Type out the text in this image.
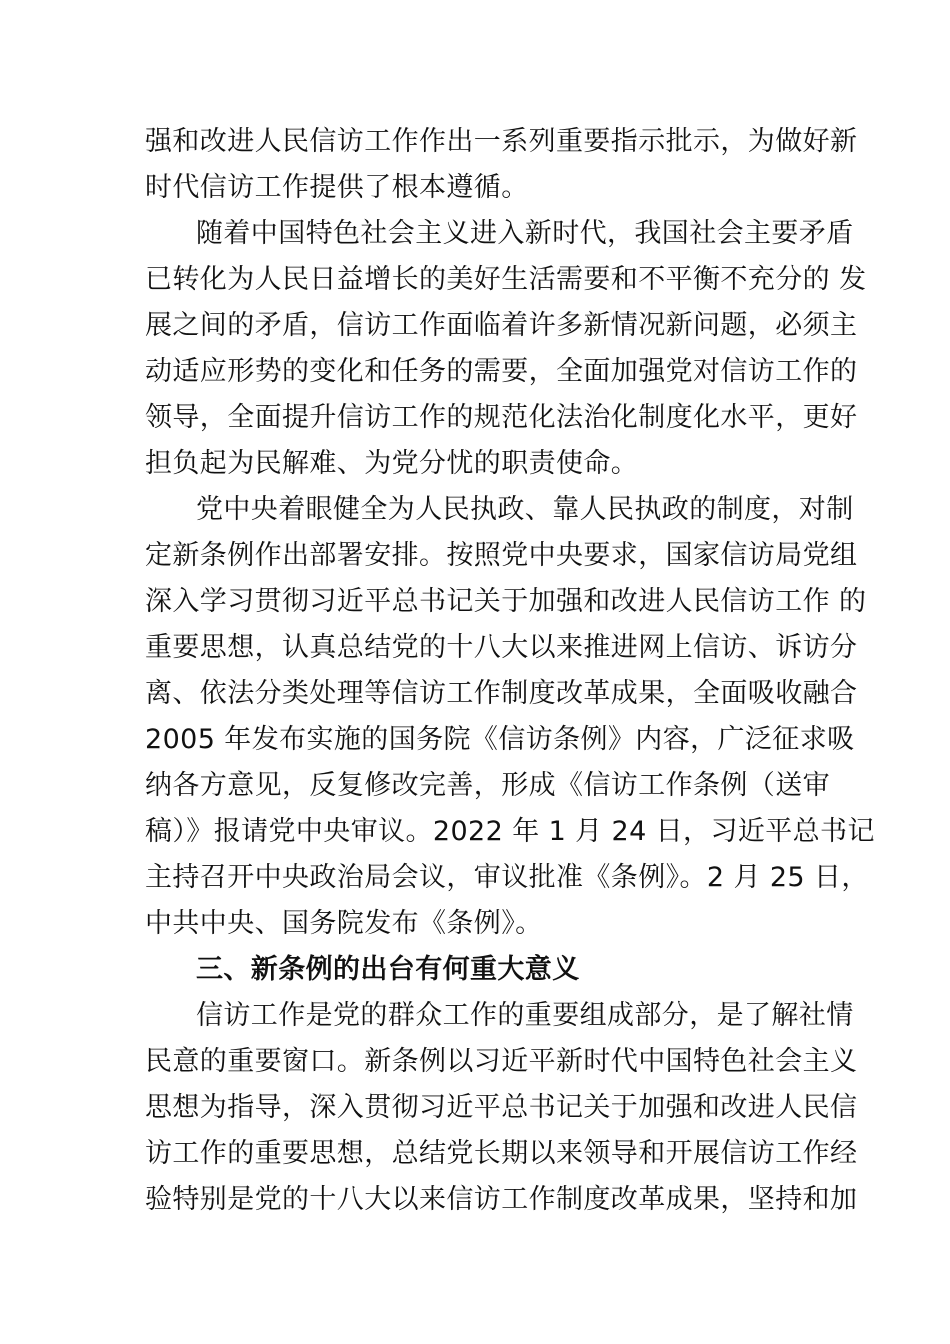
强和改进人民信访工作作出一系列重要指示批示，为做好新
时代信访工作提供了根本遵循。
随着中国特色社会主义进入新时代，我国社会主要矛盾
已转化为人民日益增长的美好生活需要和不平衡不充分的 发
展之间的矛盾，信访工作面临着许多新情况新问题，必须主
动适应形势的变化和任务的需要，全面加强党对信访工作的
领导，全面提升信访工作的规范化法治化制度化水平，更好
担负起为民解难、为党分忧的职责使命。
党中央着眼健全为人民执政、靠人民执政的制度，对制
定新条例作出部署安排。按照党中央要求，国家信访局党组
深入学习贯彻习近平总书记关于加强和改进人民信访工作 的
重要思想，认真总结党的十八大以来推进网上信访、诉访分
离、依法分类处理等信访工作制度改革成果，全面吸收融合
2005 年发布实施的国务院《信访条例》内容，广泛征求吸
纳各方意见，反复修改完善，形成《信访工作条例（送审
稿）》报请党中央审议。2022 年 1 月 24 日，习近平总书记
主持召开中央政治局会议，审议批准《条例》。2 月 25 日，
中共中央、国务院发布《条例》。
三、新条例的出台有何重大意义
信访工作是党的群众工作的重要组成部分，是了解社情
民意的重要窗口。新条例以习近平新时代中国特色社会主义
思想为指导，深入贯彻习近平总书记关于加强和改进人民信
访工作的重要思想，总结党长期以来领导和开展信访工作经
验特别是党的十八大以来信访工作制度改革成果，坚持和加
